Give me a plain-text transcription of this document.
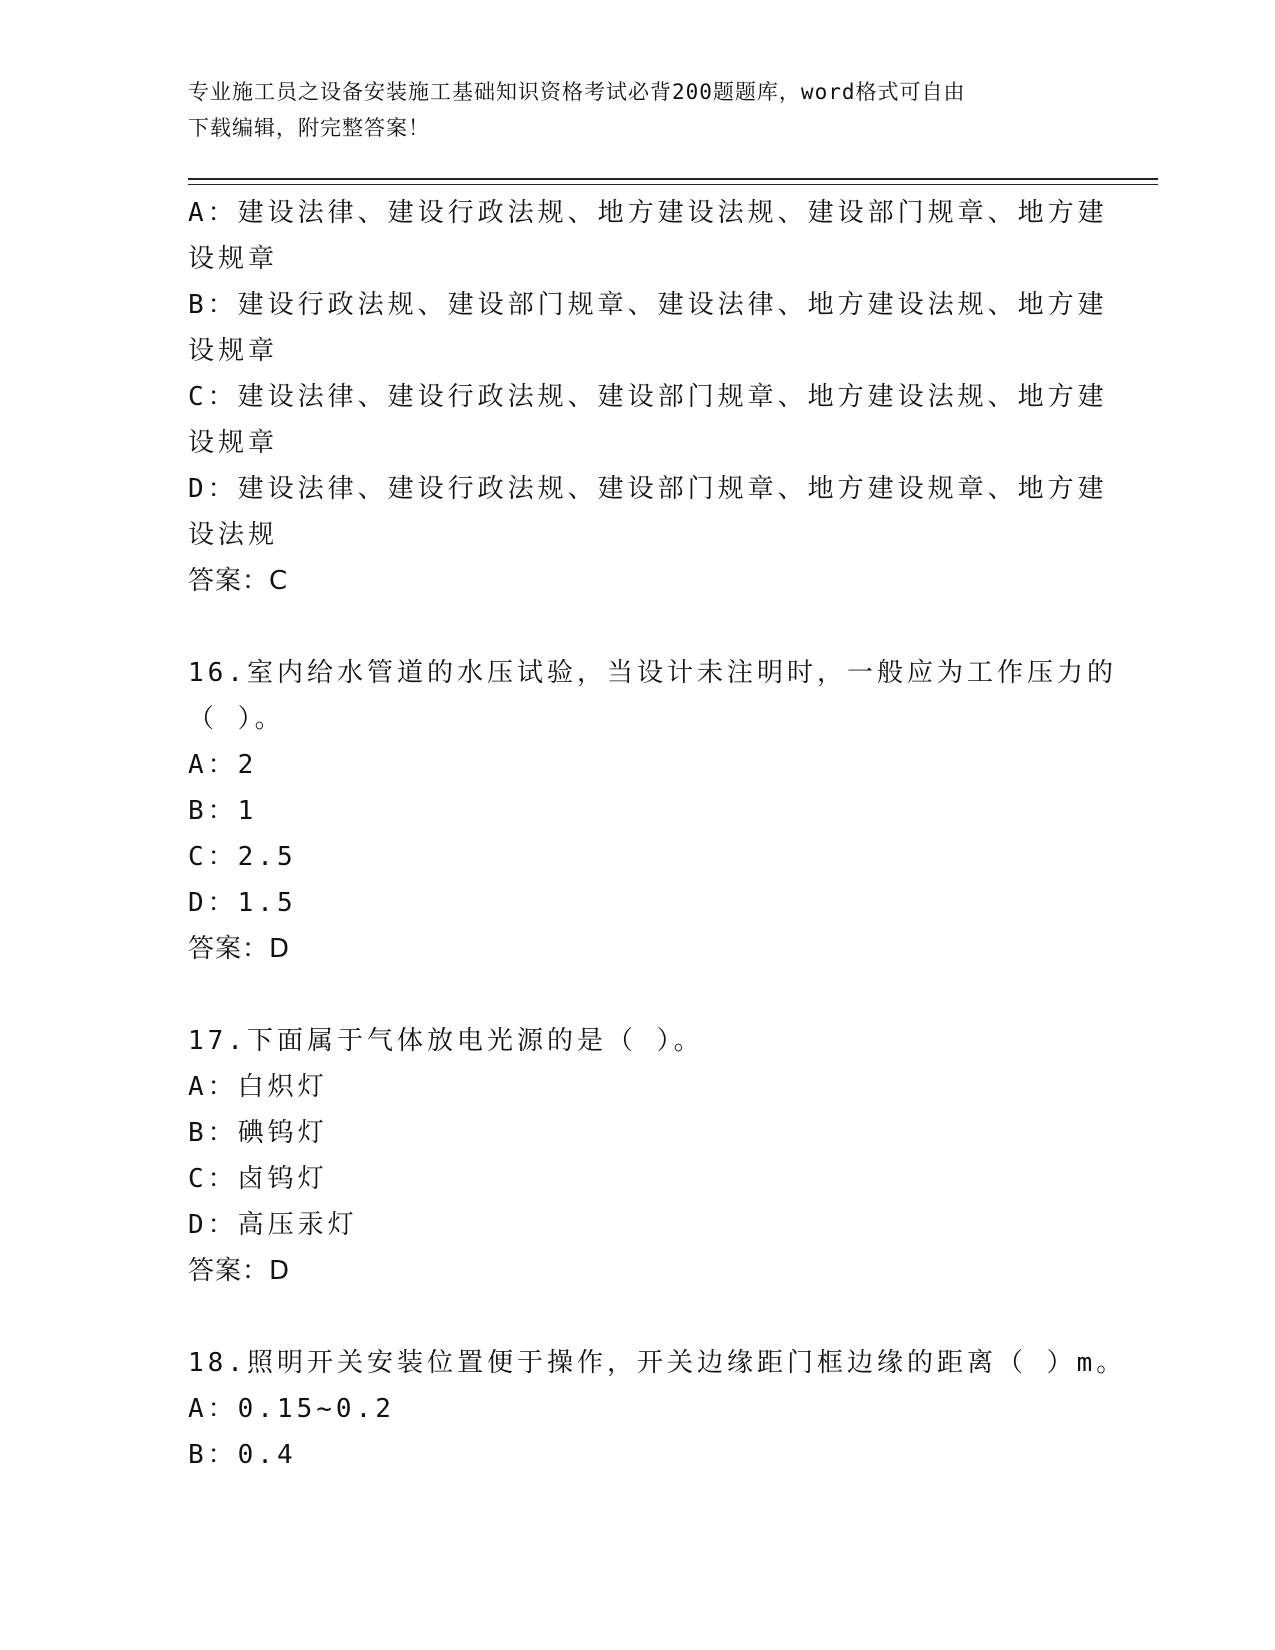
专业施工员之设备安装施工基础知识资格考试必背200题题库，word格式可自由
下载编辑，附完整答案！
A：建设法律、建设行政法规、地方建设法规、建设部门规章、地方建
设规章
B：建设行政法规、建设部门规章、建设法律、地方建设法规、地方建
设规章
C：建设法律、建设行政法规、建设部门规章、地方建设法规、地方建
设规章
D：建设法律、建设行政法规、建设部门规章、地方建设规章、地方建
设法规
答案：C
16.室内给水管道的水压试验，当设计未注明时，一般应为工作压力的
（ ）。
A：2
B：1
C：2.5
D：1.5
答案：D
17.下面属于气体放电光源的是（ ）。
A：白炽灯
B：碘钨灯
C：卤钨灯
D：高压汞灯
答案：D
18.照明开关安装位置便于操作，开关边缘距门框边缘的距离（ ）m。
A：0.15~0.2
B：0.4
